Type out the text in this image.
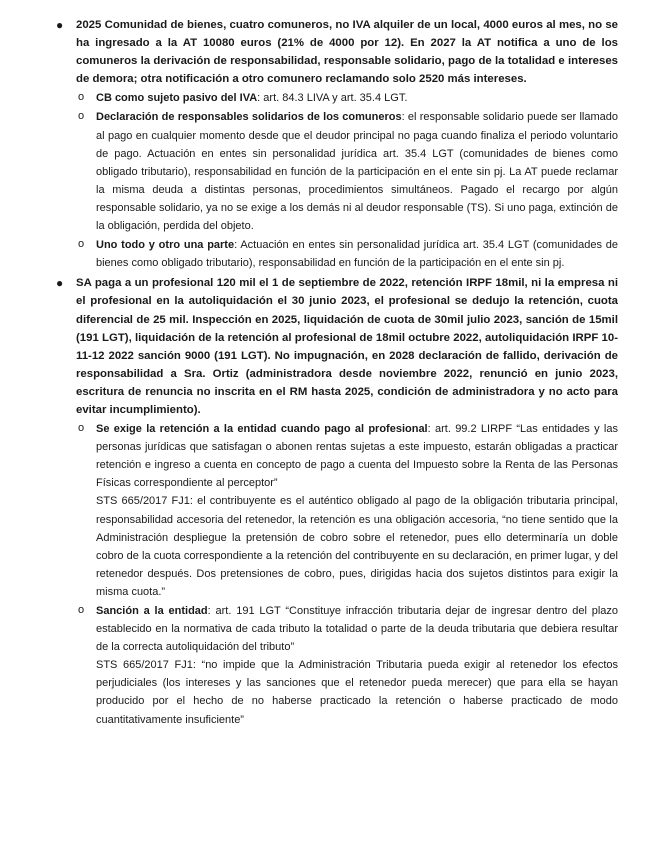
● 2025 Comunidad de bienes, cuatro comuneros, no IVA alquiler de un local, 4000 euros al mes, no se ha ingresado a la AT 10080 euros (21% de 4000 por 12). En 2027 la AT notifica a uno de los comuneros la derivación de responsabilidad, responsable solidario, pago de la totalidad e intereses de demora; otra notificación a otro comunero reclamando solo 2520 más intereses.

o CB como sujeto pasivo del IVA: art. 84.3 LIVA y art. 35.4 LGT.

o Declaración de responsables solidarios de los comuneros: el responsable solidario puede ser llamado al pago en cualquier momento desde que el deudor principal no paga cuando finaliza el periodo voluntario de pago. Actuación en entes sin personalidad jurídica art. 35.4 LGT (comunidades de bienes como obligado tributario), responsabilidad en función de la participación en el ente sin pj. La AT puede reclamar la misma deuda a distintas personas, procedimientos simultáneos. Pagado el recargo por algún responsable solidario, ya no se exige a los demás ni al deudor responsable (TS). Si uno paga, extinción de la obligación, perdida del objeto.

o Uno todo y otro una parte: Actuación en entes sin personalidad jurídica art. 35.4 LGT (comunidades de bienes como obligado tributario), responsabilidad en función de la participación en el ente sin pj.

● SA paga a un profesional 120 mil el 1 de septiembre de 2022, retención IRPF 18mil, ni la empresa ni el profesional en la autoliquidación el 30 junio 2023, el profesional se dedujo la retención, cuota diferencial de 25 mil. Inspección en 2025, liquidación de cuota de 30mil julio 2023, sanción de 15mil (191 LGT), liquidación de la retención al profesional de 18mil octubre 2022, autoliquidación IRPF 10-11-12 2022 sanción 9000 (191 LGT). No impugnación, en 2028 declaración de fallido, derivación de responsabilidad a Sra. Ortiz (administradora desde noviembre 2022, renunció en junio 2023, escritura de renuncia no inscrita en el RM hasta 2025, condición de administradora y no acto para evitar incumplimiento).

o Se exige la retención a la entidad cuando pago al profesional: art. 99.2 LIRPF “Las entidades y las personas jurídicas que satisfagan o abonen rentas sujetas a este impuesto, estarán obligadas a practicar retención e ingreso a cuenta en concepto de pago a cuenta del Impuesto sobre la Renta de las Personas Físicas correspondiente al perceptor”

STS 665/2017 FJ1: el contribuyente es el auténtico obligado al pago de la obligación tributaria principal, responsabilidad accesoria del retenedor, la retención es una obligación accesoria, “no tiene sentido que la Administración despliegue la pretensión de cobro sobre el retenedor, pues ello determinaría un doble cobro de la cuota correspondiente a la retención del contribuyente en su declaración, en primer lugar, y del retenedor después. Dos pretensiones de cobro, pues, dirigidas hacia dos sujetos distintos para exigir la misma cuota.”

o Sanción a la entidad: art. 191 LGT “Constituye infracción tributaria dejar de ingresar dentro del plazo establecido en la normativa de cada tributo la totalidad o parte de la deuda tributaria que debiera resultar de la correcta autoliquidación del tributo”

STS 665/2017 FJ1: “no impide que la Administración Tributaria pueda exigir al retenedor los efectos perjudiciales (los intereses y las sanciones que el retenedor pueda merecer) que para ella se hayan producido por el hecho de no haberse practicado la retención o haberse practicado de modo cuantitativamente insuficiente”
